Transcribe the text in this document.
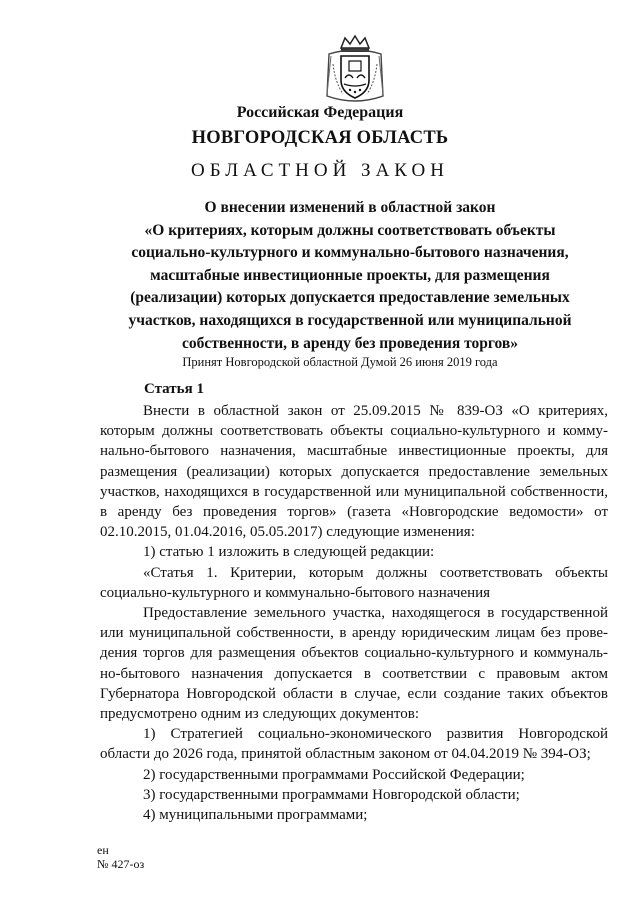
Российская Федерация
НОВГОРОДСКАЯ ОБЛАСТЬ
ОБЛАСТНОЙ ЗАКОН
О внесении изменений в областной закон
«О критериях, которым должны соответствовать объекты
социально-культурного и коммунально-бытового назначения,
масштабные инвестиционные проекты, для размещения
(реализации) которых допускается предоставление земельных
участков, находящихся в государственной или муниципальной
собственности, в аренду без проведения торгов»
Принят Новгородской областной Думой 26 июня 2019 года
Статья 1

Внести в областной закон от 25.09.2015 № 839-ОЗ «О критериях, которым должны соответствовать объекты социально-культурного и коммунально-бытового назначения, масштабные инвестиционные проекты, для размещения (реализации) которых допускается предоставление земельных участков, находящихся в государственной или муниципальной собственности, в аренду без проведения торгов» (газета «Новгородские ведомости» от 02.10.2015, 01.04.2016, 05.05.2017) следующие изменения:

1) статью 1 изложить в следующей редакции:

«Статья 1. Критерии, которым должны соответствовать объекты социально-культурного и коммунально-бытового назначения

Предоставление земельного участка, находящегося в государственной или муниципальной собственности, в аренду юридическим лицам без проведения торгов для размещения объектов социально-культурного и коммунально-бытового назначения допускается в соответствии с правовым актом Губернатора Новгородской области в случае, если создание таких объектов предусмотрено одним из следующих документов:

1) Стратегией социально-экономического развития Новгородской области до 2026 года, принятой областным законом от 04.04.2019 № 394-ОЗ;

2) государственными программами Российской Федерации;

3) государственными программами Новгородской области;

4) муниципальными программами;

ен
№ 427-оз
